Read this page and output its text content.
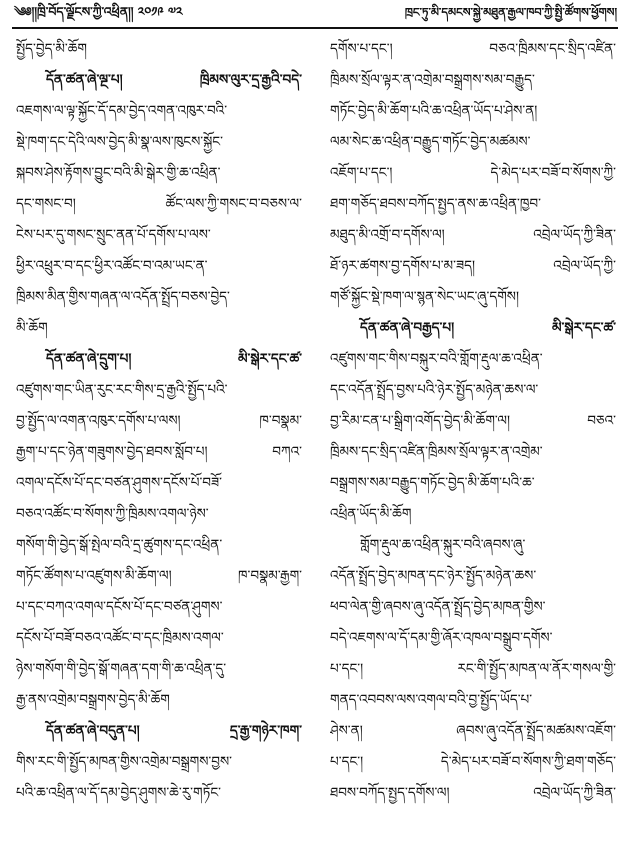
༄༅།།ཁྲི་བོད་ལྗོངས་ཀྱི་འཕྲིན།། ༢༠༡༩ ༧༢	ཁྲང་ཏུ་མི་དམངས་སྐྱེ་མཐུན་རྒྱལ་ཁབ་ཀྱི་སྤྱི་ཚོགས་ཕྱོགས།
སྤྱོད་བྱེད་མི་ཆོག
དོན་ཚན་ཞེ་ལྔ་པ། ཁྲིམས་ལུར་དྲ་རྒྱའི་བདེ་
འཇགས་ལ་ལྟ་སྐྱོང་དོ་དམ་བྱེད་འགན་འཁུར་བའི་
སྡེ་ཁག་དང་དེའི་ལས་བྱེད་མི་སྣ་ལས་ཁུངས་སྐྱོང་
སྐབས་ཤེས་རྟོགས་བྱུང་བའི་མི་སྒེར་གྱི་ཆ་འཕྲིན་
དང་གསང་བ། ཚོང་ལས་ཀྱི་གསང་བ་བཅས་ལ་
ངེས་པར་དུ་གསང་སྲུང་ནན་པོ་དགོས་པ་ལས་
ཕྱིར་འཕྲུར་བ་དང་ཕྱིར་འཚོང་བ་འམ་ཡང་ན་
ཁྲིམས་མིན་གྱིས་གཞན་ལ་འདོན་སྤྲོད་བཅས་བྱེད་
མི་ཆོག
དོན་ཚན་ཞེ་དྲུག་པ། མི་སྒེར་དང་ཚ་
འཛུགས་གང་ཡིན་རུང་རང་གིས་དྲ་རྒྱའི་སྤྱོད་པའི་
བྱ་སྤྱོད་ལ་འགན་འཁུར་དགོས་པ་ལས། ཁ་བསྣམ་
རྒྱག་པ་དང་ཉེན་གཟུགས་བྱེད་ཐབས་སློབ་པ། བཀའ་
འགལ་དངོས་པོ་དང་བཙན་ཤུགས་དངོས་པོ་བཟོ་
བཅའ་འཚོང་བ་སོགས་ཀྱི་ཁྲིམས་འགལ་ཉེས་
གསོག་གི་བྱེད་སྒོ་སྤེལ་བའི་དྲ་ཚུགས་དང་འཕྲིན་
གཏོང་ཚོགས་པ་འཛུགས་མི་ཆོག་ལ། ཁ་བསྣམ་རྒྱག་
པ་དང་བཀའ་འགལ་དངོས་པོ་དང་བཙན་ཤུགས་
དངོས་པོ་བཟོ་བཅའ་འཚོང་བ་དང་ཁྲིམས་འགལ་
ཉེས་གསོག་གི་བྱེད་སྒོ་གཞན་དག་གི་ཆ་འཕྲིན་དུ་
རྒྱ་ནས་འགྲེམ་བསྒྲགས་བྱེད་མི་ཆོག
དོན་ཚན་ཞེ་བདུན་པ། དྲ་རྒྱ་གཉེར་ཁག་
གིས་རང་གི་སྤྱོད་མཁན་གྱིས་འགྲེམ་བསྒྲགས་བྱས་
པའི་ཆ་འཕྲིན་ལ་དོ་དམ་བྱེད་ཤུགས་ཆེ་རུ་གཏོང་
དགོས་པ་དང་། བཅའ་ཁྲིམས་དང་སྲིད་འཛིན་
ཁྲིམས་སྲོལ་ལྟར་ན་འགྲེམ་བསྒྲགས་སམ་བརྒྱུད་
གཏོང་བྱེད་མི་ཆོག་པའི་ཆ་འཕྲིན་ཡོད་པ་ཤེས་ན།
ལམ་སེང་ཆ་འཕྲིན་བརྒྱུད་གཏོང་བྱེད་མཚམས་
འཇོག་པ་དང་། དེ་མེད་པར་བཟོ་བ་སོགས་ཀྱི་
ཐག་གཅོད་ཐབས་བཀོད་སྤྱད་ནས་ཆ་འཕྲིན་ཁྱབ་
མཐུད་མི་འགྲོ་བ་དགོས་ལ། འབྲེལ་ཡོད་ཀྱི་ཟིན་
ཐོ་ཉར་ཚགས་བྱ་དགོས་པ་མ་ཟད། འབྲེལ་ཡོད་ཀྱི་
གཙོ་སྐྱོང་སྡེ་ཁག་ལ་སྙན་སེང་ཡང་ཞུ་དགོས།
དོན་ཚན་ཞེ་བརྒྱད་པ། མི་སྒེར་དང་ཚ་
འཛུགས་གང་གིས་བསྐུར་བའི་གློག་རྡུལ་ཆ་འཕྲིན་
དང་འདོན་སྤྲོད་བྱས་པའི་ཉེར་སྤྱོད་མཉེན་ཆས་ལ་
བྱ་རིམ་ངན་པ་སྒྲིག་འགོད་བྱེད་མི་ཆོག་ལ། བཅའ་
ཁྲིམས་དང་སྲིད་འཛིན་ཁྲིམས་སྲོལ་ལྟར་ན་འགྲེམ་
བསྒྲགས་སམ་བརྒྱུད་གཏོང་བྱེད་མི་ཆོག་པའི་ཆ་
འཕྲིན་ཡོད་མི་ཆོག
གློག་རྡུལ་ཆ་འཕྲིན་སྐུར་བའི་ཞབས་ཞུ་
འདོན་སྤྲོད་བྱེད་མཁན་དང་ཉེར་སྤྱོད་མཉེན་ཆས་
ཕབ་ལེན་གྱི་ཞབས་ཞུ་འདོན་སྤྲོད་བྱེད་མཁན་གྱིས་
བདེ་འཇགས་ལ་དོ་དམ་གྱི་ཞོར་འཁལ་བསྒྲུབ་དགོས་
པ་དང་། རང་གི་སྤྱོད་མཁན་ལ་ནོར་གསལ་གྱི་
གནད་འབབས་ལས་འགལ་བའི་བྱ་སྤྱོད་ཡོད་པ་
ཤེས་ན། ཞབས་ཞུ་འདོན་སྤྲོད་མཚམས་འཇོག་
པ་དང་། དེ་མེད་པར་བཟོ་བ་སོགས་ཀྱི་ཐག་གཅོད་
ཐབས་བཀོད་སྤྱད་དགོས་ལ། འབྲེལ་ཡོད་ཀྱི་ཟིན་
